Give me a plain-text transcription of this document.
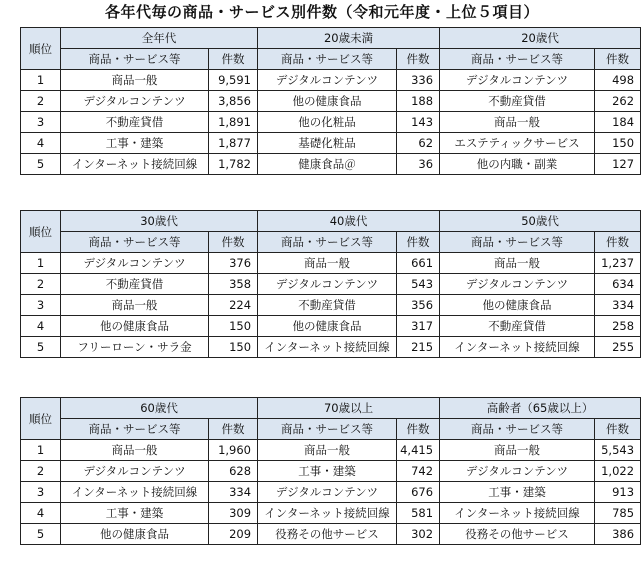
各年代毎の商品・サービス別件数（令和元年度・上位５項目）
順位	全年代		20歳未満		20歳代	
	商品・サービス等	件数	商品・サービス等	件数	商品・サービス等	件数
1	商品一般	9,591	デジタルコンテンツ	336	デジタルコンテンツ	498
2	デジタルコンテンツ	3,856	他の健康食品	188	不動産貸借	262
3	不動産貸借	1,891	他の化粧品	143	商品一般	184
4	工事・建築	1,877	基礎化粧品	62	エステティックサービス	150
5	インターネット接続回線	1,782	健康食品＠	36	他の内職・副業	127
順位	30歳代		40歳代		50歳代	
	商品・サービス等	件数	商品・サービス等	件数	商品・サービス等	件数
1	デジタルコンテンツ	376	商品一般	661	商品一般	1,237
2	不動産貸借	358	デジタルコンテンツ	543	デジタルコンテンツ	634
3	商品一般	224	不動産貸借	356	他の健康食品	334
4	他の健康食品	150	他の健康食品	317	不動産貸借	258
5	フリーローン・サラ金	150	インターネット接続回線	215	インターネット接続回線	255
順位	60歳代		70歳以上		高齢者（65歳以上）	
	商品・サービス等	件数	商品・サービス等	件数	商品・サービス等	件数
1	商品一般	1,960	商品一般	4,415	商品一般	5,543
2	デジタルコンテンツ	628	工事・建築	742	デジタルコンテンツ	1,022
3	インターネット接続回線	334	デジタルコンテンツ	676	工事・建築	913
4	工事・建築	309	インターネット接続回線	581	インターネット接続回線	785
5	他の健康食品	209	役務その他サービス	302	役務その他サービス	386
